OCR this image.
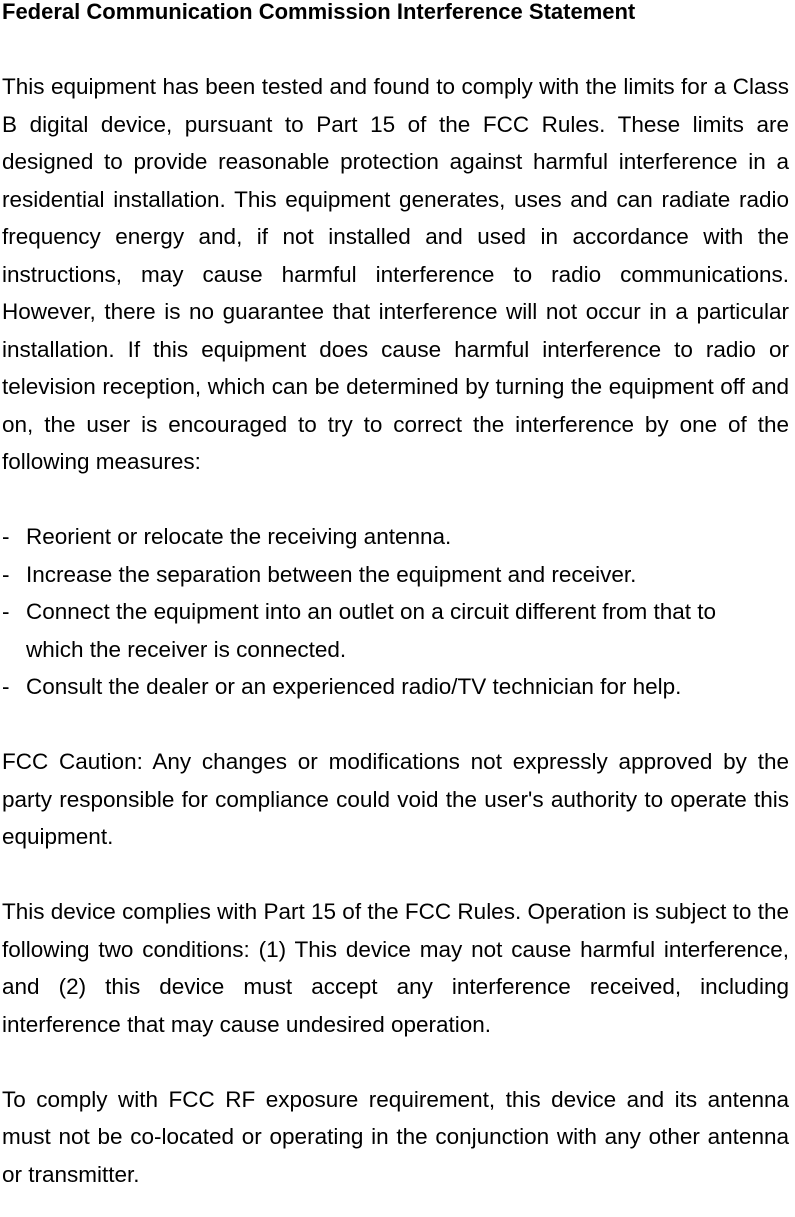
Federal Communication Commission Interference Statement

This equipment has been tested and found to comply with the limits for a Class B digital device, pursuant to Part 15 of the FCC Rules. These limits are designed to provide reasonable protection against harmful interference in a residential installation. This equipment generates, uses and can radiate radio frequency energy and, if not installed and used in accordance with the instructions, may cause harmful interference to radio communications. However, there is no guarantee that interference will not occur in a particular installation. If this equipment does cause harmful interference to radio or television reception, which can be determined by turning the equipment off and on, the user is encouraged to try to correct the interference by one of the following measures:

- Reorient or relocate the receiving antenna.
- Increase the separation between the equipment and receiver.
- Connect the equipment into an outlet on a circuit different from that to which the receiver is connected.
- Consult the dealer or an experienced radio/TV technician for help.

FCC Caution: Any changes or modifications not expressly approved by the party responsible for compliance could void the user's authority to operate this equipment.

This device complies with Part 15 of the FCC Rules. Operation is subject to the following two conditions: (1) This device may not cause harmful interference, and (2) this device must accept any interference received, including interference that may cause undesired operation.

To comply with FCC RF exposure requirement, this device and its antenna must not be co-located or operating in the conjunction with any other antenna or transmitter.
